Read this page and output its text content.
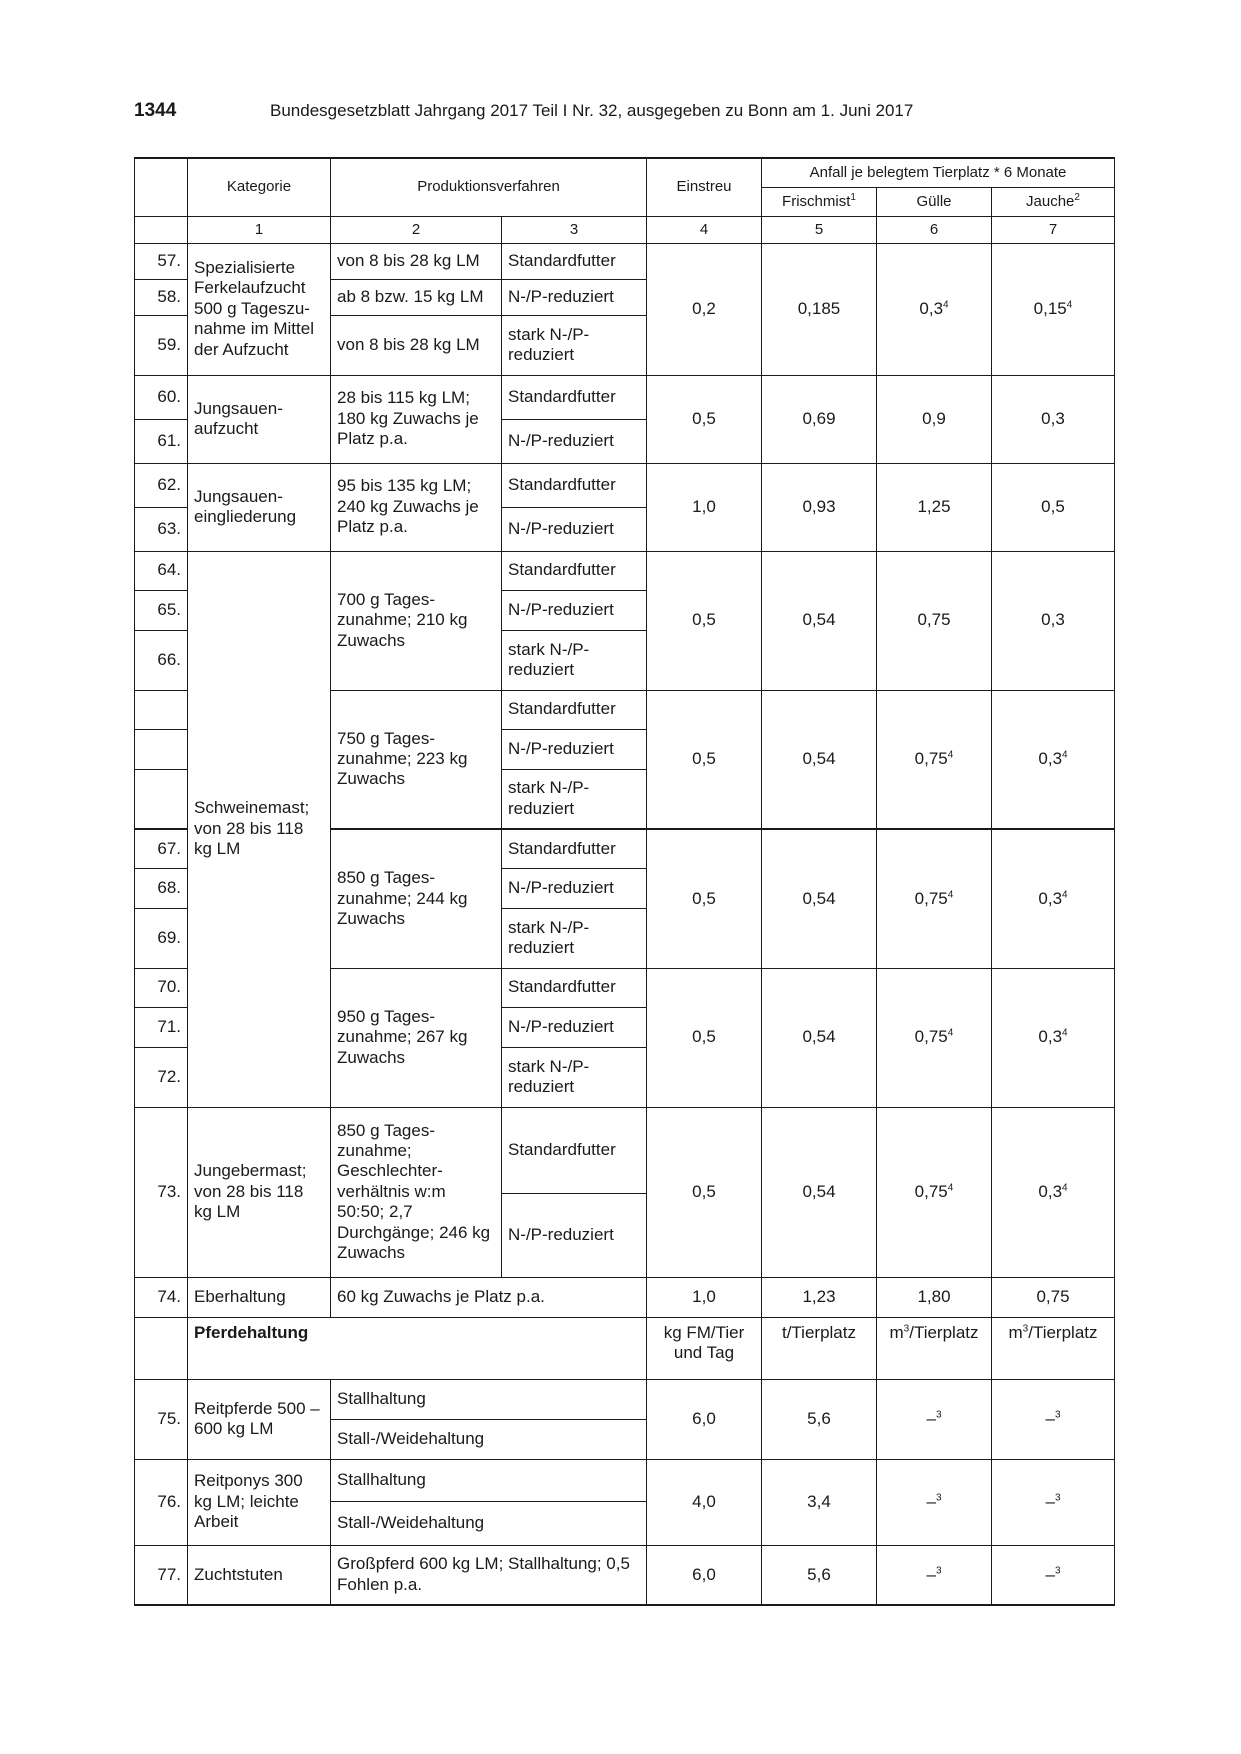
1344	Bundesgesetzblatt Jahrgang 2017 Teil I Nr. 32, ausgegeben zu Bonn am 1. Juni 2017
	Kategorie	Produktionsverfahren		Einstreu	Anfall je belegtem Tierplatz * 6 Monate		
					Frischmist$^1$	Gülle	Jauche$^2$
	1	2	3	4	5	6	7
57.	Spezialisierte Ferkelaufzucht 500 g Tageszunahme im Mittel der Aufzucht	von 8 bis 28 kg LM	Standardfutter	0,2	0,185	$0,3^4$	0,15$^4$
58.		ab 8 bzw. 15 kg LM	N-/P-reduziert				
59.		von 8 bis 28 kg LM	stark N-/P-reduziert				
60.	Jungsauenaufzucht	28 bis 115 kg LM; 180 kg Zuwachs je Platz p.a.	Standardfutter	0,5	0,69	0,9	0,3
61.			N-/P-reduziert				
62.	Jungsaueneingliederung	95 bis 135 kg LM; 240 kg Zuwachs je Platz p.a.	Standardfutter	1,0	0,93	1,25	0,5
63.			N-/P-reduziert				
64.	Schweinemast; von 28 bis 118 kg LM	700 g Tageszunahme; 210 kg Zuwachs	Standardfutter	0,5	0,54	0,75	0,3
65.			N-/P-reduziert				
66.			stark N-/P-reduziert				
		750 g Tageszunahme; 223 kg Zuwachs	Standardfutter	0,5	0,54	0,75$^4$	$0,3^4$
			N-/P-reduziert				
			stark N-/P-reduziert				
67.		850 g Tageszunahme; 244 kg Zuwachs	Standardfutter	0,5	0,54	0,75$^4$	$0,3^4$
68.			N-/P-reduziert				
69.			stark N-/P-reduziert				
70.		950 g Tageszunahme; 267 kg Zuwachs	Standardfutter	0,5	0,54	0,75$^4$	$0,3^4$
71.			N-/P-reduziert				
72.			stark N-/P-reduziert				
73.	Jungebermast; von 28 bis 118 kg LM	850 g Tageszunahme; Geschlechterverhältnis w:m 50:50; 2,7 Durchgänge; 246 kg Zuwachs	Standardfutter	0,5	0,54	0,75$^4$	$0,3^4$
			N-/P-reduziert				
74.	Eberhaltung	60 kg Zuwachs je Platz p.a.		1,0	1,23	1,80	0,75
	Pferdehaltung			kg FM/Tier und Tag	t/Tierplatz	$m^3$/Tierplatz	$m^3$/Tierplatz
75.	Reitpferde 500 – 600 kg LM	Stallhaltung		6,0	5,6	–$^3$	–$^3$
		Stall-/Weidehaltung					
76.	Reitponys 300 kg LM; leichte Arbeit	Stallhaltung		4,0	3,4	–$^3$	–$^3$
		Stall-/Weidehaltung					
77.	Zuchtstuten	Großpferd 600 kg LM; Stallhaltung; 0,5 Fohlen p.a.		6,0	5,6	–$^3$	–$^3$
